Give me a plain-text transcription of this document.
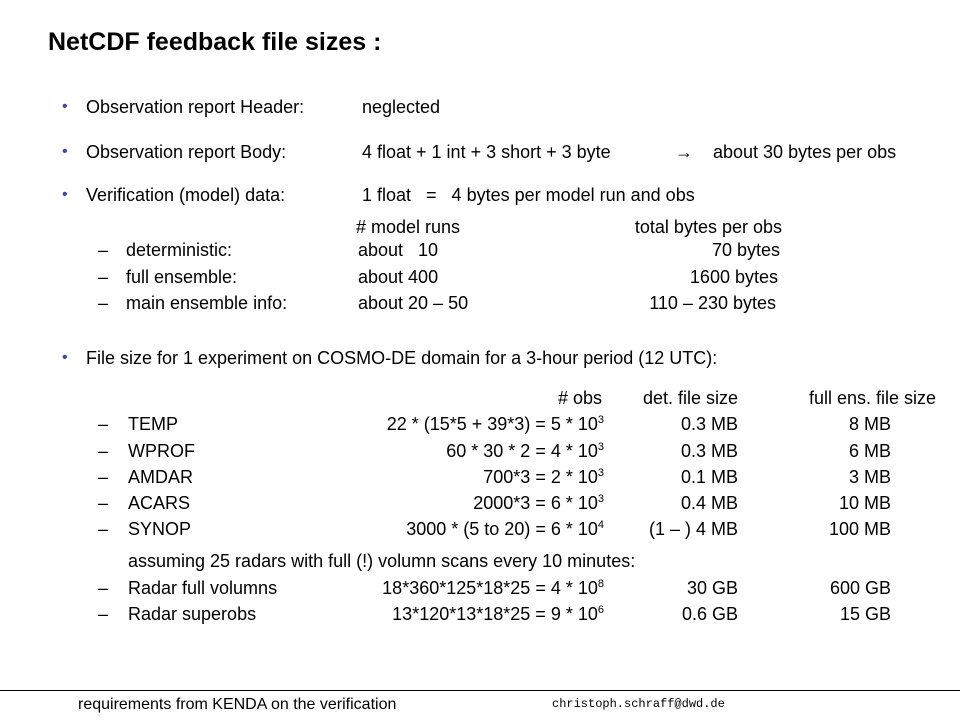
NetCDF feedback file sizes :
• Observation report Header:	neglected
• Observation report Body:	4 float + 1 int + 3 short + 3 byte	→ about 30 bytes per obs
• Verification (model) data:	1 float   =   4 bytes per model run and obs
# model runs	total bytes per obs
– deterministic:	about   10	70 bytes
– full ensemble:	about 400	1600 bytes
– main ensemble info:	about 20 – 50	110 – 230 bytes
• File size for 1 experiment on COSMO-DE domain for a 3-hour period (12 UTC):
# obs	det. file size	full ens. file size
– TEMP	$22 * (15*5 + 39*3) = 5 * 10^3$	0.3 MB	8 MB
– WPROF	$60 * 30 * 2 = 4 * 10^3$	0.3 MB	6 MB
– AMDAR	$700*3 = 2 * 10^3$	0.1 MB	3 MB
– ACARS	$2000*3 = 6 * 10^3$	0.4 MB	10 MB
– SYNOP	3000 * (5 to $20) = 6 * 10^4$	(1 – ) 4 MB	100 MB
assuming 25 radars with full (!) volumn scans every 10 minutes:
– Radar full volumns	$18*360*125*18*25 = 4 * 10^8$	30 GB	600 GB
– Radar superobs	$13*120*13*18*25 = 9 * 10^6$	0.6 GB	15 GB
requirements from KENDA on the verification	christoph.schraff@dwd.de
